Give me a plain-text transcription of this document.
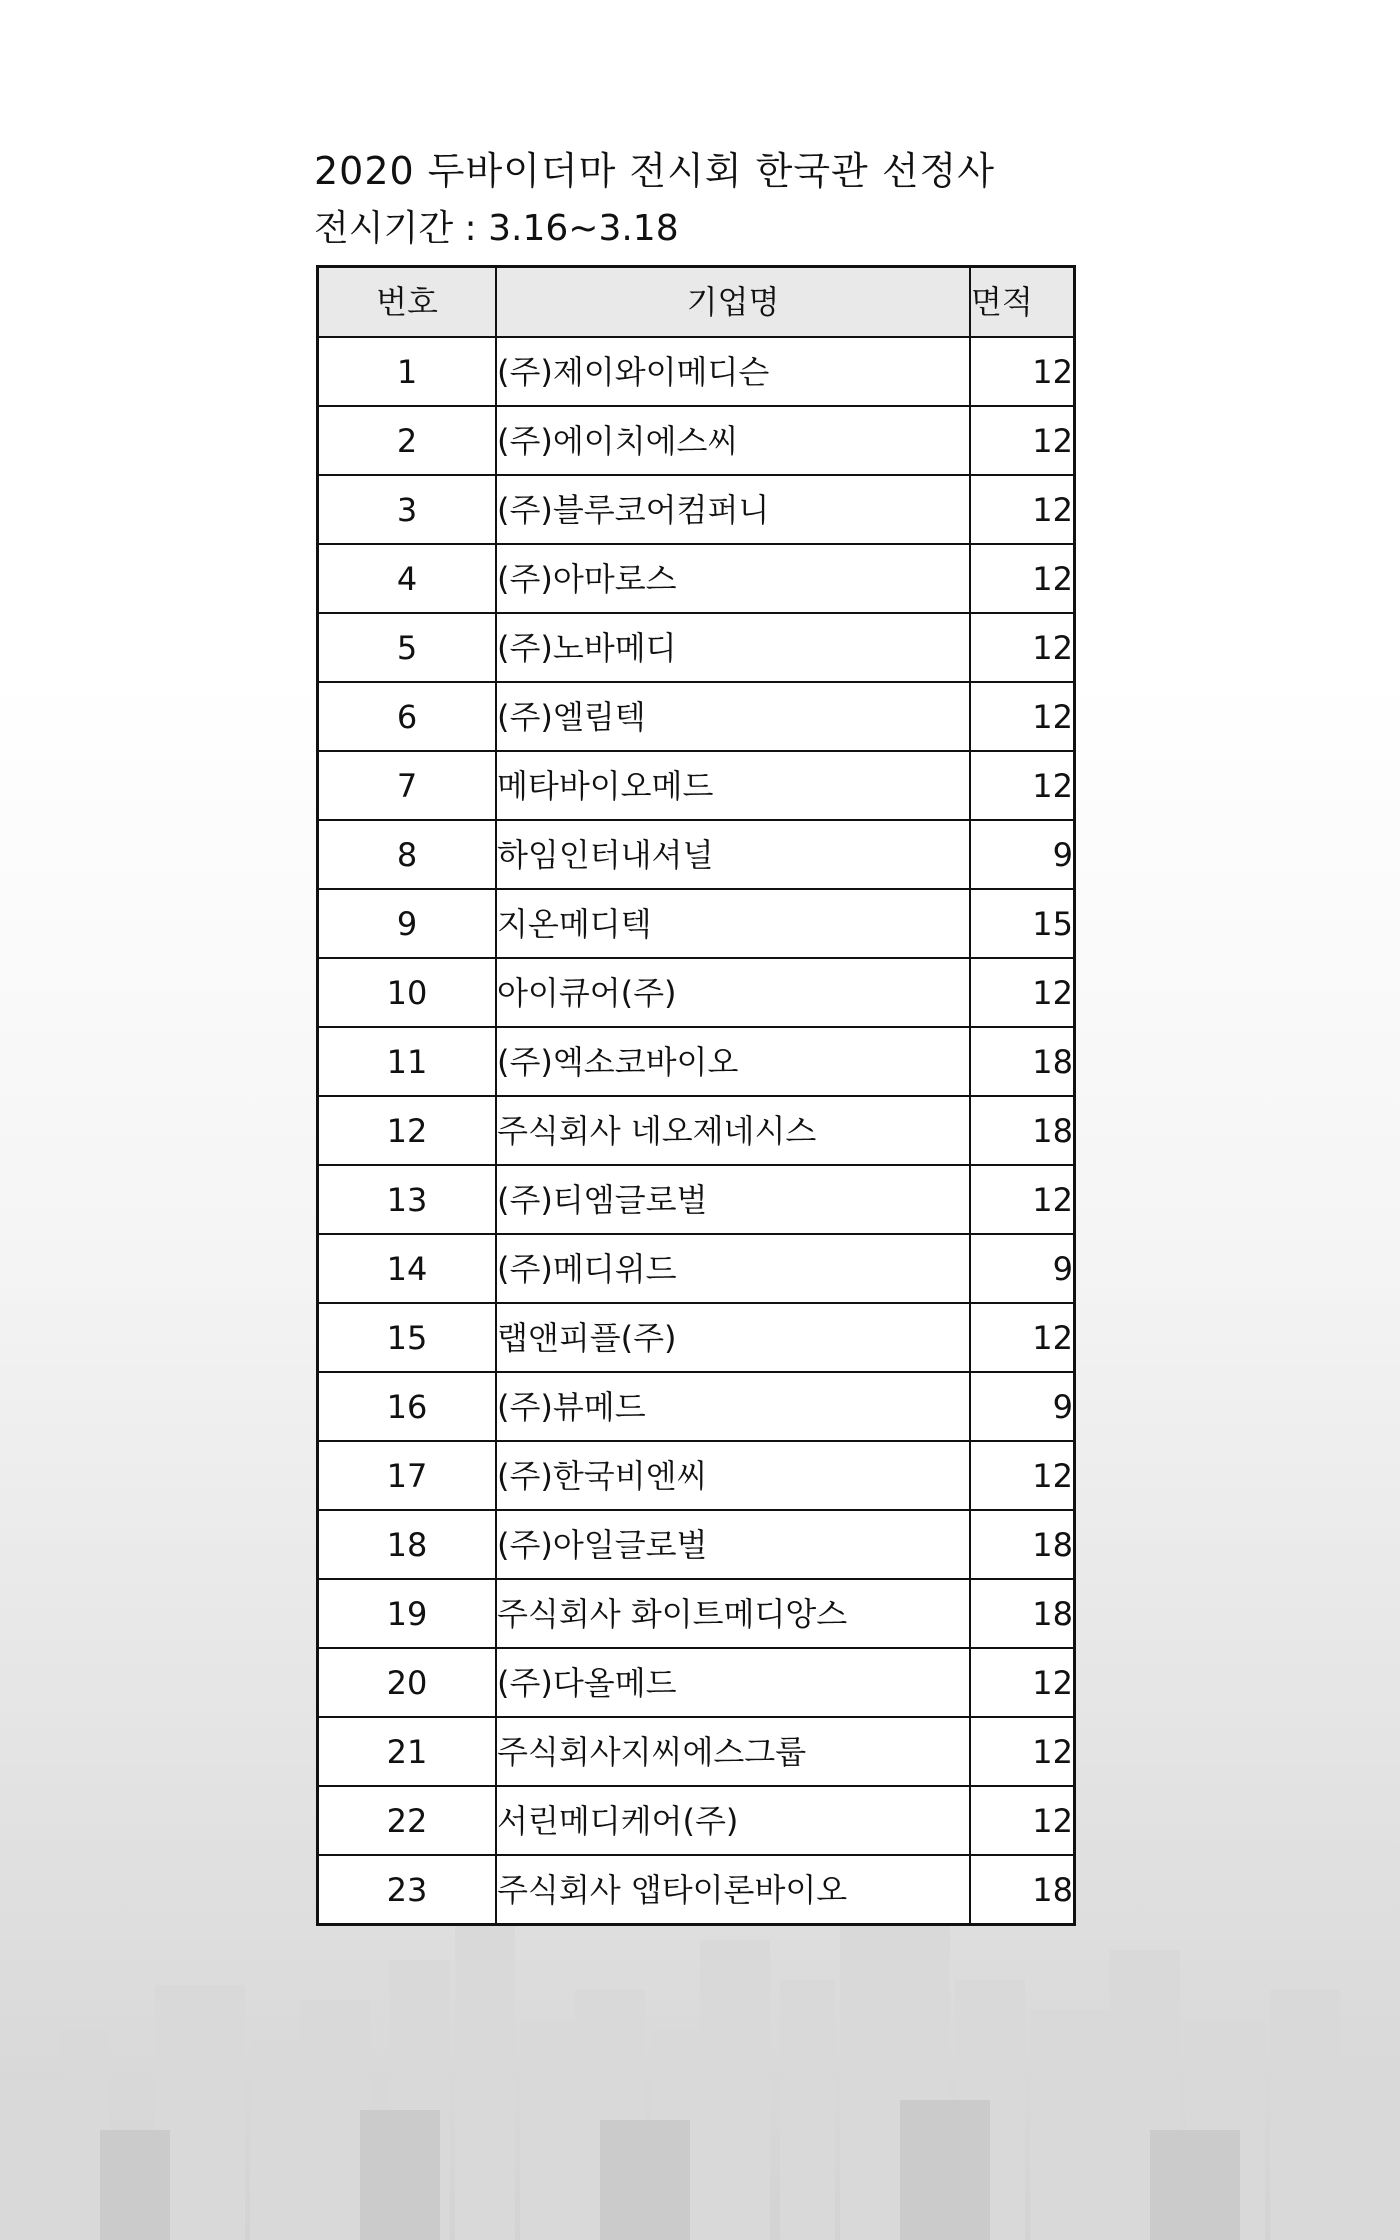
2020 두바이더마 전시회 한국관 선정사
전시기간 : 3.16~3.18
번호	기업명	면적
1	(주)제이와이메디슨	12
2	(주)에이치에스씨	12
3	(주)블루코어컴퍼니	12
4	(주)아마로스	12
5	(주)노바메디	12
6	(주)엘림텍	12
7	메타바이오메드	12
8	하임인터내셔널	9
9	지온메디텍	15
10	아이큐어(주)	12
11	(주)엑소코바이오	18
12	주식회사 네오제네시스	18
13	(주)티엠글로벌	12
14	(주)메디위드	9
15	랩앤피플(주)	12
16	(주)뷰메드	9
17	(주)한국비엔씨	12
18	(주)아일글로벌	18
19	주식회사 화이트메디앙스	18
20	(주)다올메드	12
21	주식회사지씨에스그룹	12
22	서린메디케어(주)	12
23	주식회사 앱타이론바이오	18
